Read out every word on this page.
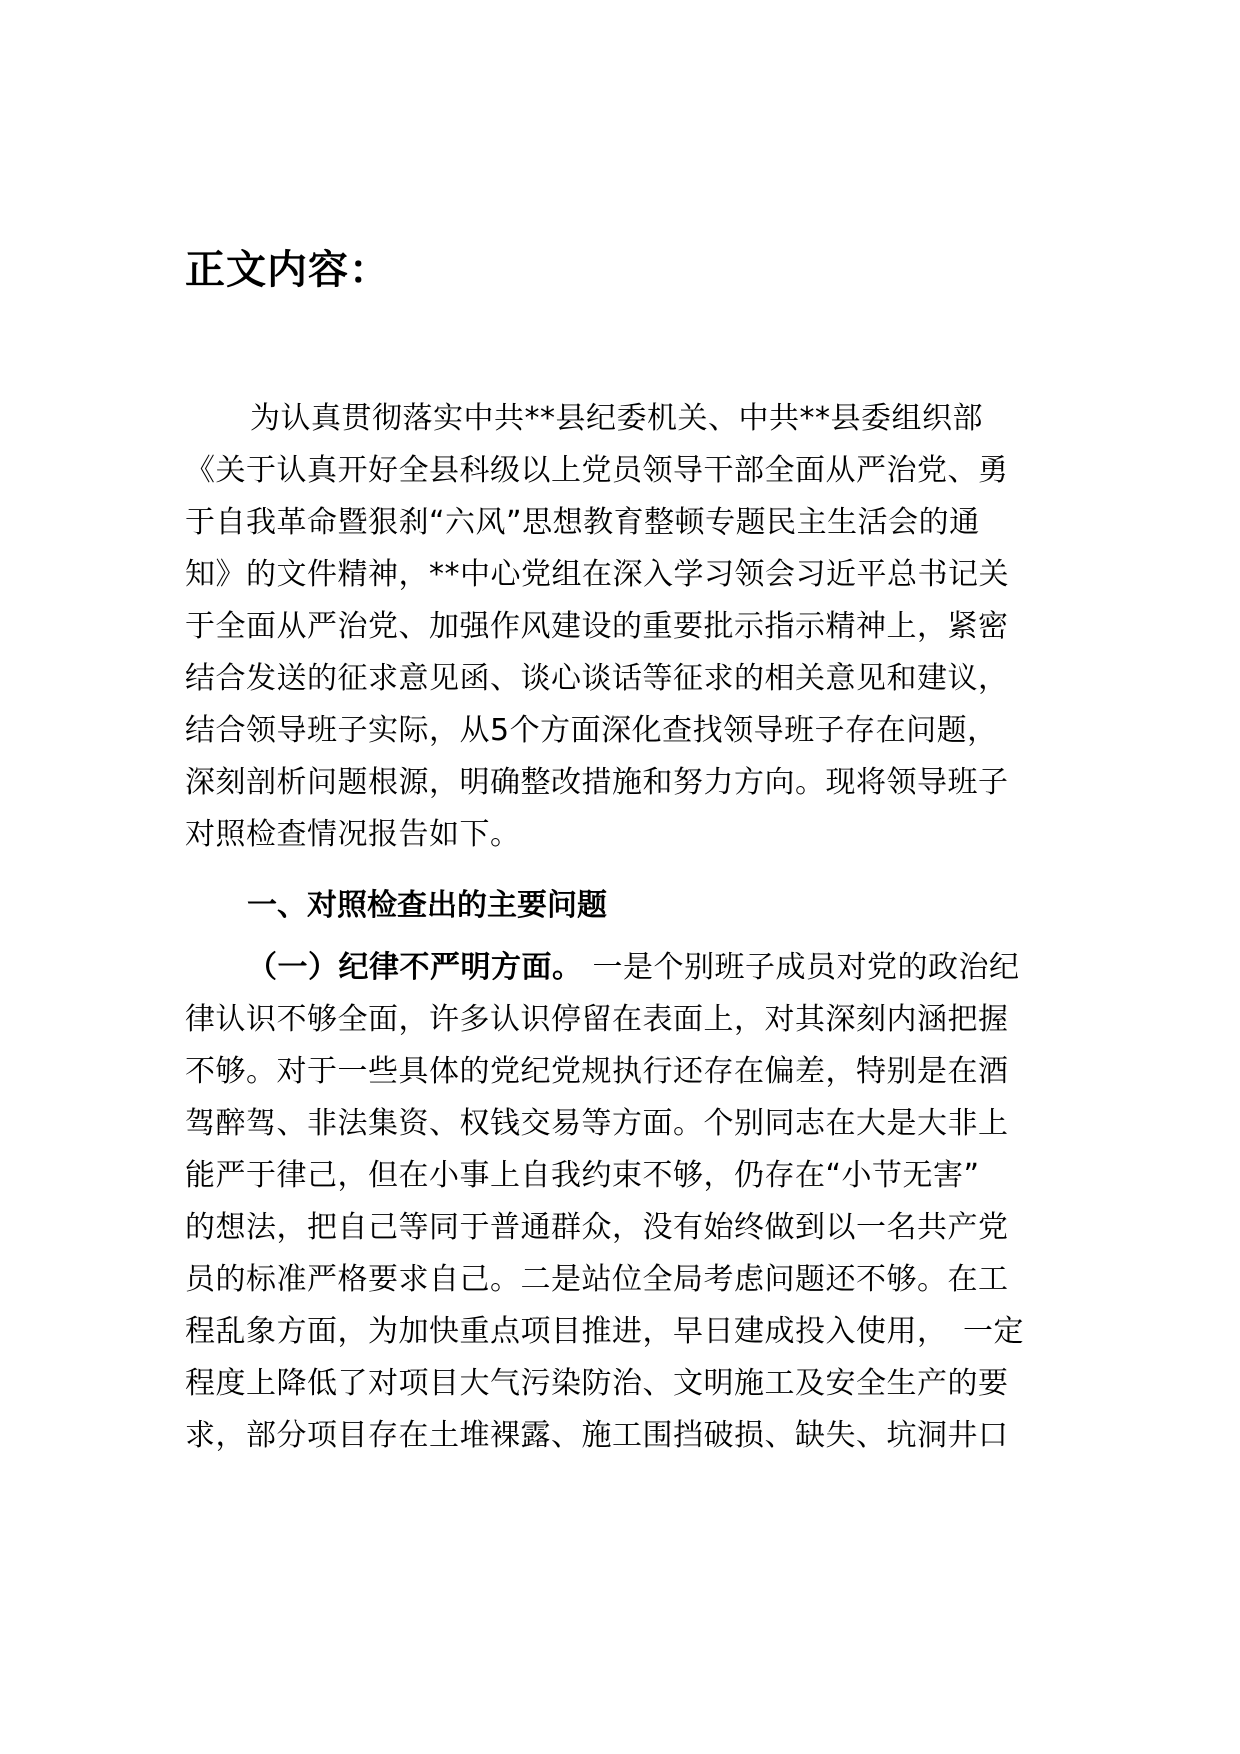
正文内容：
为认真贯彻落实中共**县纪委机关、中共**县委组织部
《关于认真开好全县科级以上党员领导干部全面从严治党、勇
于自我革命暨狠刹“六风”思想教育整顿专题民主生活会的通
知》的文件精神，**中心党组在深入学习领会习近平总书记关
于全面从严治党、加强作风建设的重要批示指示精神上，紧密
结合发送的征求意见函、谈心谈话等征求的相关意见和建议，
结合领导班子实际，从5个方面深化查找领导班子存在问题，
深刻剖析问题根源，明确整改措施和努力方向。现将领导班子
对照检查情况报告如下。
一、对照检查出的主要问题
（一）纪律不严明方面。 一是个别班子成员对党的政治纪
律认识不够全面，许多认识停留在表面上，对其深刻内涵把握
不够。对于一些具体的党纪党规执行还存在偏差，特别是在酒
驾醉驾、非法集资、权钱交易等方面。个别同志在大是大非上
能严于律己，但在小事上自我约束不够，仍存在“小节无害”
的想法，把自己等同于普通群众，没有始终做到以一名共产党
员的标准严格要求自己。二是站位全局考虑问题还不够。在工
程乱象方面，为加快重点项目推进，早日建成投入使用，　一定
程度上降低了对项目大气污染防治、文明施工及安全生产的要
求，部分项目存在土堆裸露、施工围挡破损、缺失、坑洞井口
